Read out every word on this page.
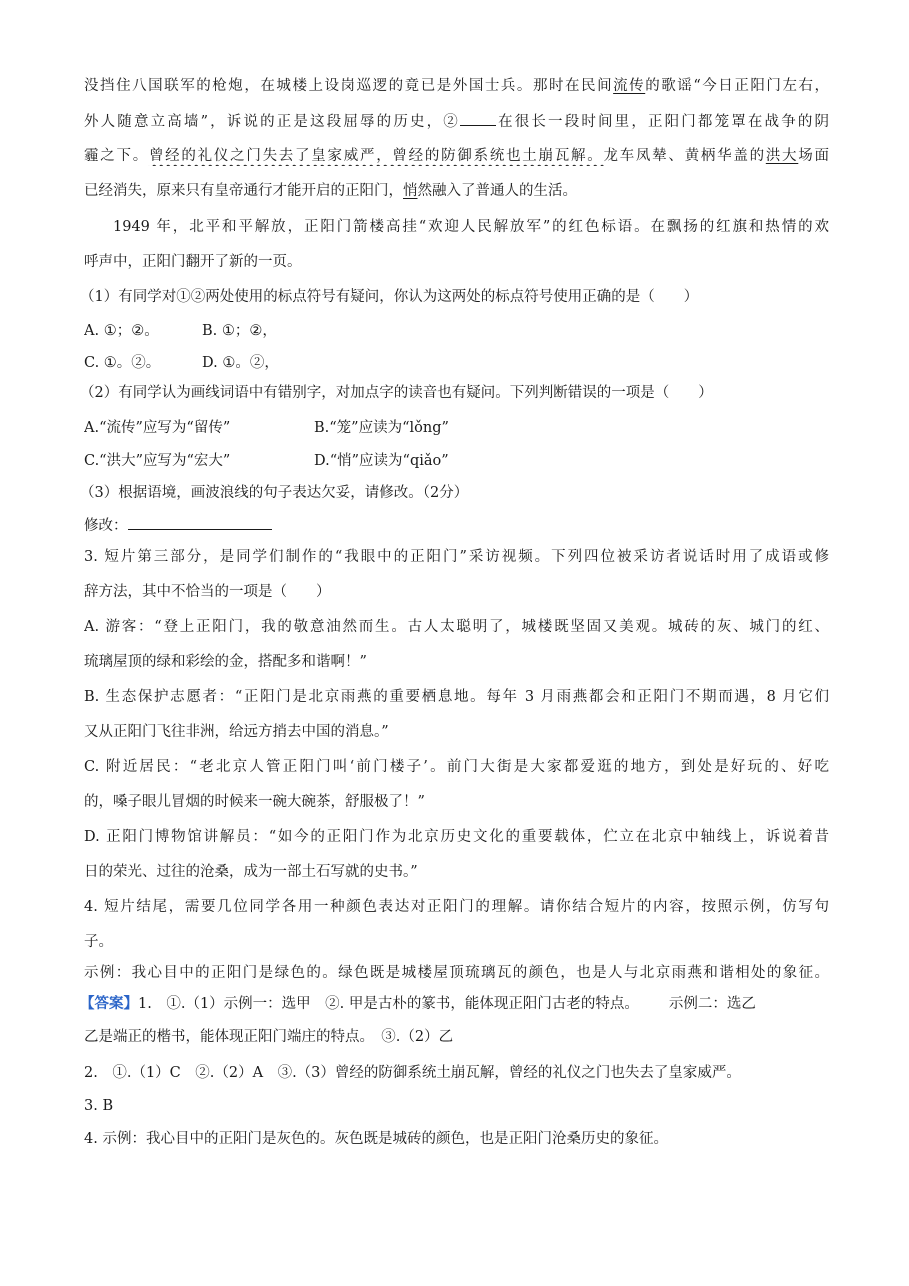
没挡住八国联军的枪炮，在城楼上设岗巡逻的竟已是外国士兵。那时在民间流传的歌谣“今日正阳门左右，
外人随意立高墙”，诉说的正是这段屈辱的历史，② 在很长一段时间里，正阳门都笼罩在战争的阴
霾之下。曾经的礼仪之门失去了皇家威严，曾经的防御系统也土崩瓦解。龙车凤辇、黄柄华盖的洪大场面
已经消失，原来只有皇帝通行才能开启的正阳门，悄然融入了普通人的生活。
1949 年，北平和平解放，正阳门箭楼高挂“欢迎人民解放军”的红色标语。在飘扬的红旗和热情的欢
呼声中，正阳门翻开了新的一页。
（1）有同学对①②两处使用的标点符号有疑问，你认为这两处的标点符号使用正确的是（　　）
A. ①；②。	B. ①；②，
C. ①。②。	D. ①。②，
（2）有同学认为画线词语中有错别字，对加点字的读音也有疑问。下列判断错误的一项是（　　）
A.“流传”应写为“留传”	B.“笼”应读为“lǒng”
C.“洪大”应写为“宏大”	D.“悄”应读为“qiǎo”
（3）根据语境，画波浪线的句子表达欠妥，请修改。（2分）
修改：
3. 短片第三部分，是同学们制作的“我眼中的正阳门”采访视频。下列四位被采访者说话时用了成语或修
辞方法，其中不恰当的一项是（　　）
A. 游客：“登上正阳门，我的敬意油然而生。古人太聪明了，城楼既坚固又美观。城砖的灰、城门的红、
琉璃屋顶的绿和彩绘的金，搭配多和谐啊！”
B. 生态保护志愿者：“正阳门是北京雨燕的重要栖息地。每年 3 月雨燕都会和正阳门不期而遇，8 月它们
又从正阳门飞往非洲，给远方捎去中国的消息。”
C. 附近居民：“老北京人管正阳门叫‘前门楼子’。前门大街是大家都爱逛的地方，到处是好玩的、好吃
的，嗓子眼儿冒烟的时候来一碗大碗茶，舒服极了！”
D. 正阳门博物馆讲解员：“如今的正阳门作为北京历史文化的重要载体，伫立在北京中轴线上，诉说着昔
日的荣光、过往的沧桑，成为一部土石写就的史书。”
4. 短片结尾，需要几位同学各用一种颜色表达对正阳门的理解。请你结合短片的内容，按照示例，仿写句
子。
示例：我心目中的正阳门是绿色的。绿色既是城楼屋顶琉璃瓦的颜色，也是人与北京雨燕和谐相处的象征。
【答案】1.　①.（1）示例一：选甲　②. 甲是古朴的篆书，能体现正阳门古老的特点。 示例二：选乙
乙是端正的楷书，能体现正阳门端庄的特点。　③.（2）乙
2.　①.（1）C　②.（2）A　③.（3）曾经的防御系统土崩瓦解，曾经的礼仪之门也失去了皇家威严。
3. B
4. 示例：我心目中的正阳门是灰色的。灰色既是城砖的颜色，也是正阳门沧桑历史的象征。
